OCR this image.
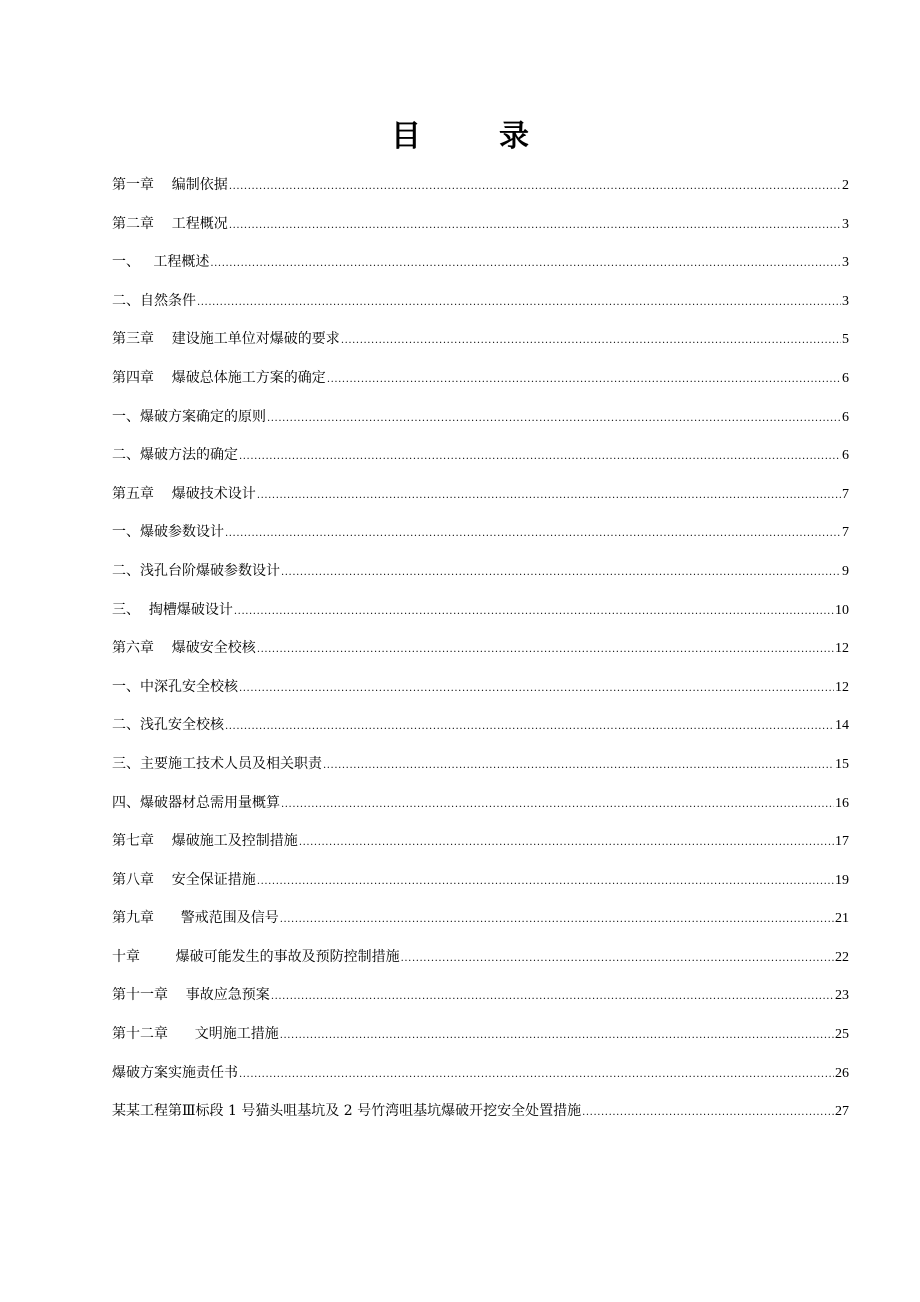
目	录
第一章    编制依据 .....	2
第二章    工程概况 .....	3
一、   工程概述 .....	3
二、自然条件 .....	3
第三章    建设施工单位对爆破的要求 .....	5
第四章    爆破总体施工方案的确定 .....	6
一、爆破方案确定的原则 .....	6
二、爆破方法的确定 .....	6
第五章    爆破技术设计 .....	7
一、爆破参数设计 .....	7
二、浅孔台阶爆破参数设计 .....	9
三、  掏槽爆破设计 .....	10
第六章    爆破安全校核 .....	12
一、中深孔安全校核 .....	12
二、浅孔安全校核 .....	14
三、主要施工技术人员及相关职责 .....	15
四、爆破器材总需用量概算 .....	16
第七章    爆破施工及控制措施 .....	17
第八章    安全保证措施 .....	19
第九章      警戒范围及信号 .....	21
十章        爆破可能发生的事故及预防控制措施 .....	22
第十一章    事故应急预案 .....	23
第十二章      文明施工措施 .....	25
爆破方案实施责任书 .....	26
某某工程第Ⅲ标段 1 号猫头咀基坑及 2 号竹湾咀基坑爆破开挖安全处置措施 .....	27
